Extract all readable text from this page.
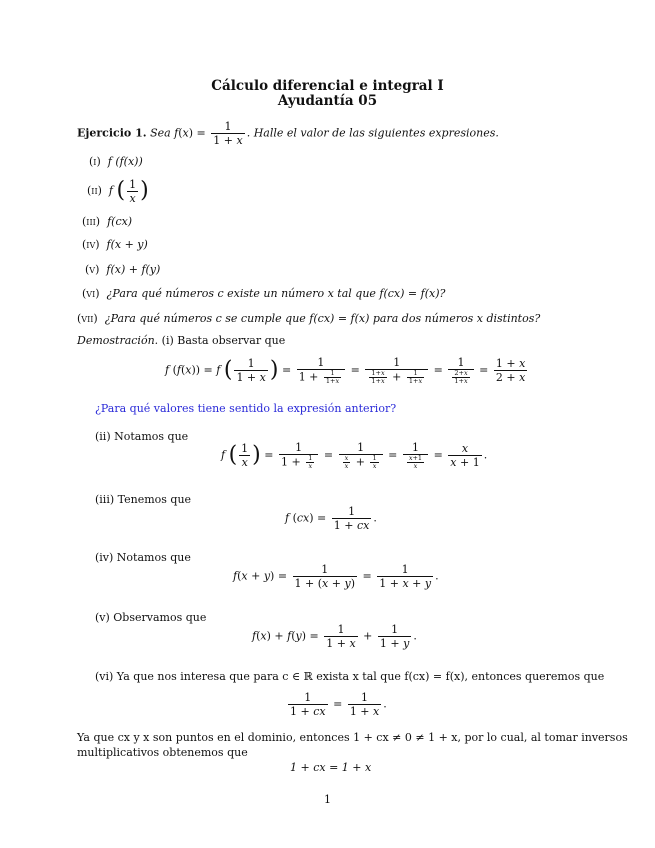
Cálculo diferencial e integral I
Ayudantía 05
Ejercicio 1. Sea $f(x) = \frac{1}{1 + x}$ . Halle el valor de las siguientes expresiones.
(i) f (f(x))
(ii) f ( $\frac{1}{x}$ )
(iii) f(cx)
(iv) f(x + y)
(v) f(x) + f(y)
(vi) ¿Para qué números c existe un número x tal que f(cx) = f(x)?
(vii) ¿Para qué números c se cumple que f(cx) = f(x) para dos números x distintos?
Demostración. (i) Basta observar que
f (f(x)) = f ( $\frac{1}{1 + x}$ ) = $\frac{1}{1 + \frac{1}{1+x}} = \frac{1}{\frac{1+x}{1+x} + \frac{1}{1+x}} = \frac{1}{\frac{2+x}{1+x}} = \frac{1 + x}{2 + x}$
¿Para qué valores tiene sentido la expresión anterior?
(ii) Notamos que
f ( $\frac{1}{x}$ ) = $\frac{1}{1 + \frac{1}{x}} = \frac{1}{\frac{x}{x} + \frac{1}{x}} = \frac{1}{\frac{x+1}{x}} = \frac{x}{x + 1}$ .
(iii) Tenemos que
f $(cx) = \frac{1}{1 + cx}$ .
(iv) Notamos que
$f(x + y) = \frac{1}{1 + (x + y)} = \frac{1}{1 + x + y}$ .
(v) Observamos que
$f(x) + f(y) = \frac{1}{1 + x} + \frac{1}{1 + y}$ .
(vi) Ya que nos interesa que para c ∈ ℝ exista x tal que f(cx) = f(x), entonces queremos que
$\frac{1}{1 + cx} = \frac{1}{1 + x}$ .
Ya que cx y x son puntos en el dominio, entonces 1 + cx ≠ 0 ≠ 1 + x, por lo cual, al tomar inversos
multiplicativos obtenemos que
1 + cx = 1 + x
1
